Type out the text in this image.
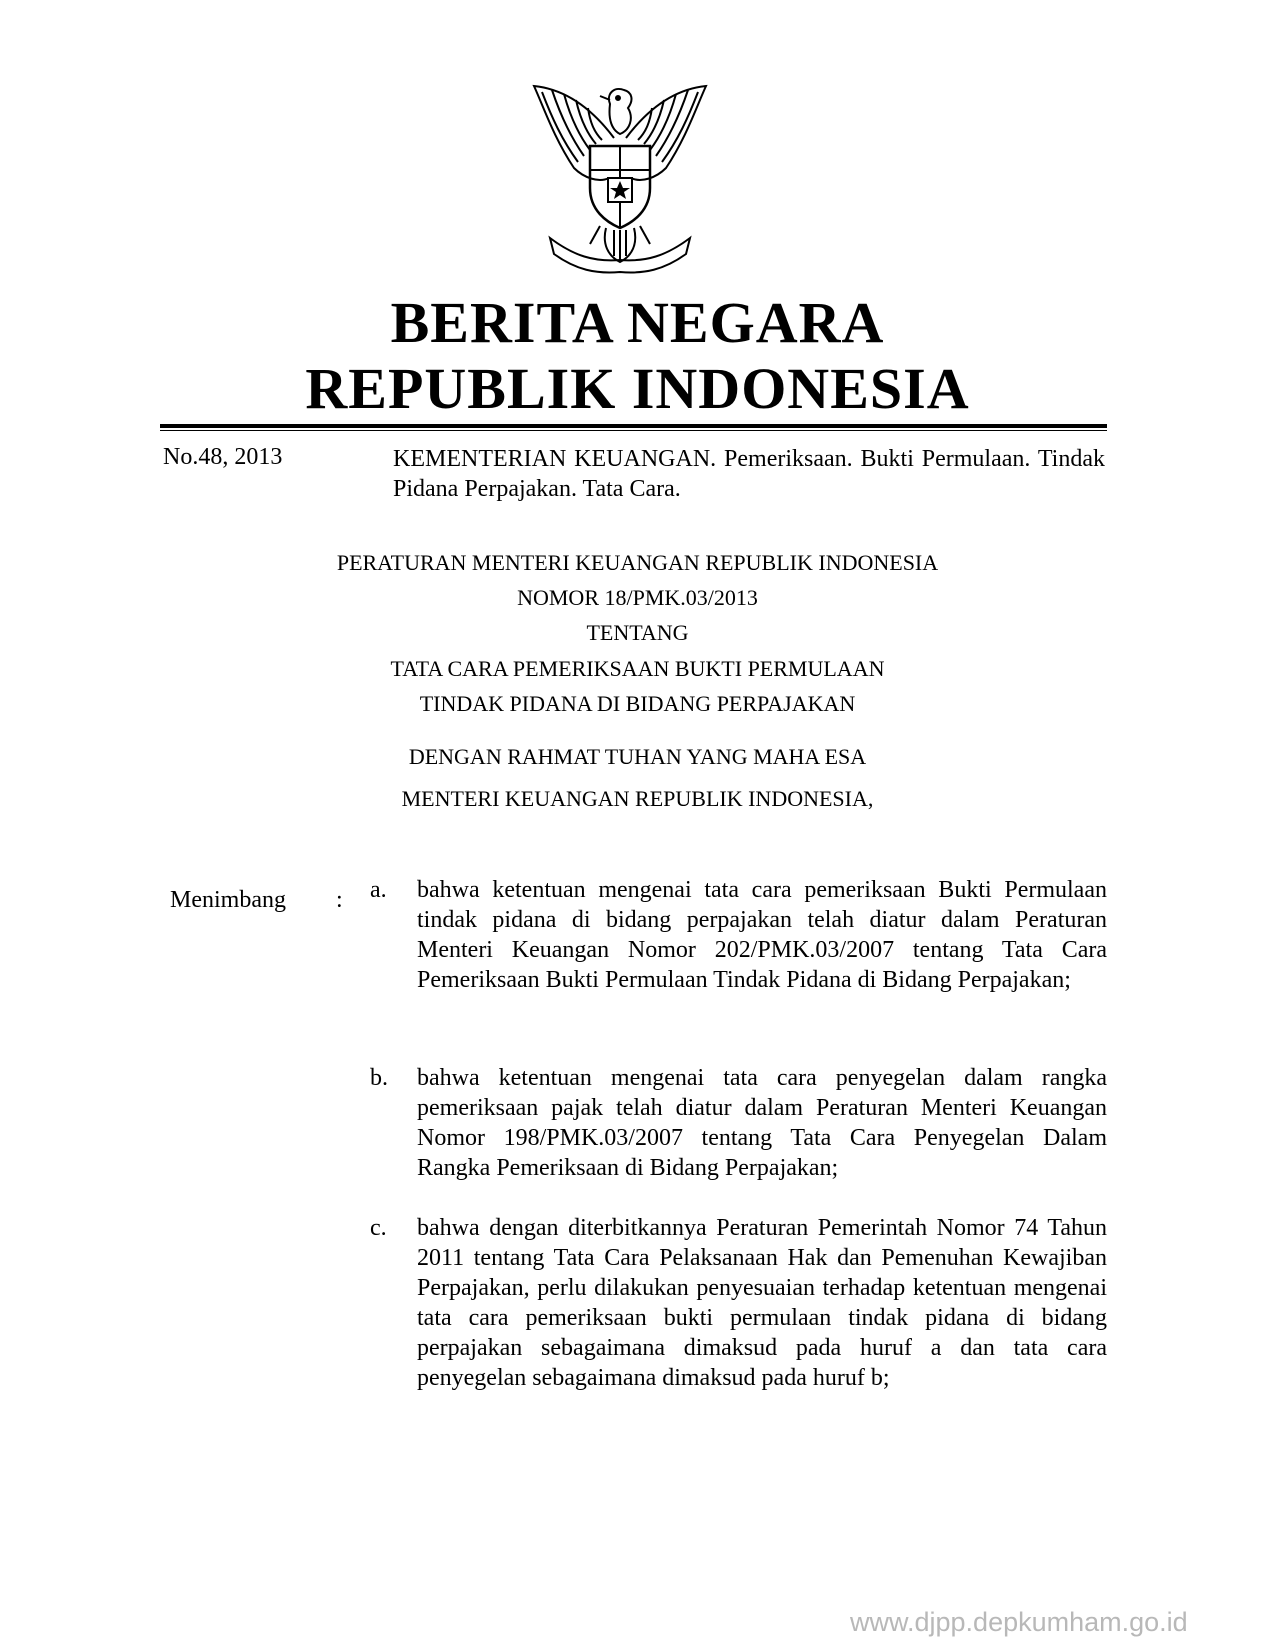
BERITA NEGARA
REPUBLIK INDONESIA
No.48, 2013	KEMENTERIAN KEUANGAN. Pemeriksaan. Bukti Permulaan. Tindak Pidana Perpajakan. Tata Cara.
PERATURAN MENTERI KEUANGAN REPUBLIK INDONESIA
NOMOR 18/PMK.03/2013
TENTANG
TATA CARA PEMERIKSAAN BUKTI PERMULAAN
TINDAK PIDANA DI BIDANG PERPAJAKAN
DENGAN RAHMAT TUHAN YANG MAHA ESA
MENTERI KEUANGAN REPUBLIK INDONESIA,
Menimbang : a. bahwa ketentuan mengenai tata cara pemeriksaan Bukti Permulaan tindak pidana di bidang perpajakan telah diatur dalam Peraturan Menteri Keuangan Nomor 202/PMK.03/2007 tentang Tata Cara Pemeriksaan Bukti Permulaan Tindak Pidana di Bidang Perpajakan;
b. bahwa ketentuan mengenai tata cara penyegelan dalam rangka pemeriksaan pajak telah diatur dalam Peraturan Menteri Keuangan Nomor 198/PMK.03/2007 tentang Tata Cara Penyegelan Dalam Rangka Pemeriksaan di Bidang Perpajakan;
c. bahwa dengan diterbitkannya Peraturan Pemerintah Nomor 74 Tahun 2011 tentang Tata Cara Pelaksanaan Hak dan Pemenuhan Kewajiban Perpajakan, perlu dilakukan penyesuaian terhadap ketentuan mengenai tata cara pemeriksaan bukti permulaan tindak pidana di bidang perpajakan sebagaimana dimaksud pada huruf a dan tata cara penyegelan sebagaimana dimaksud pada huruf b;
www.djpp.depkumham.go.id
